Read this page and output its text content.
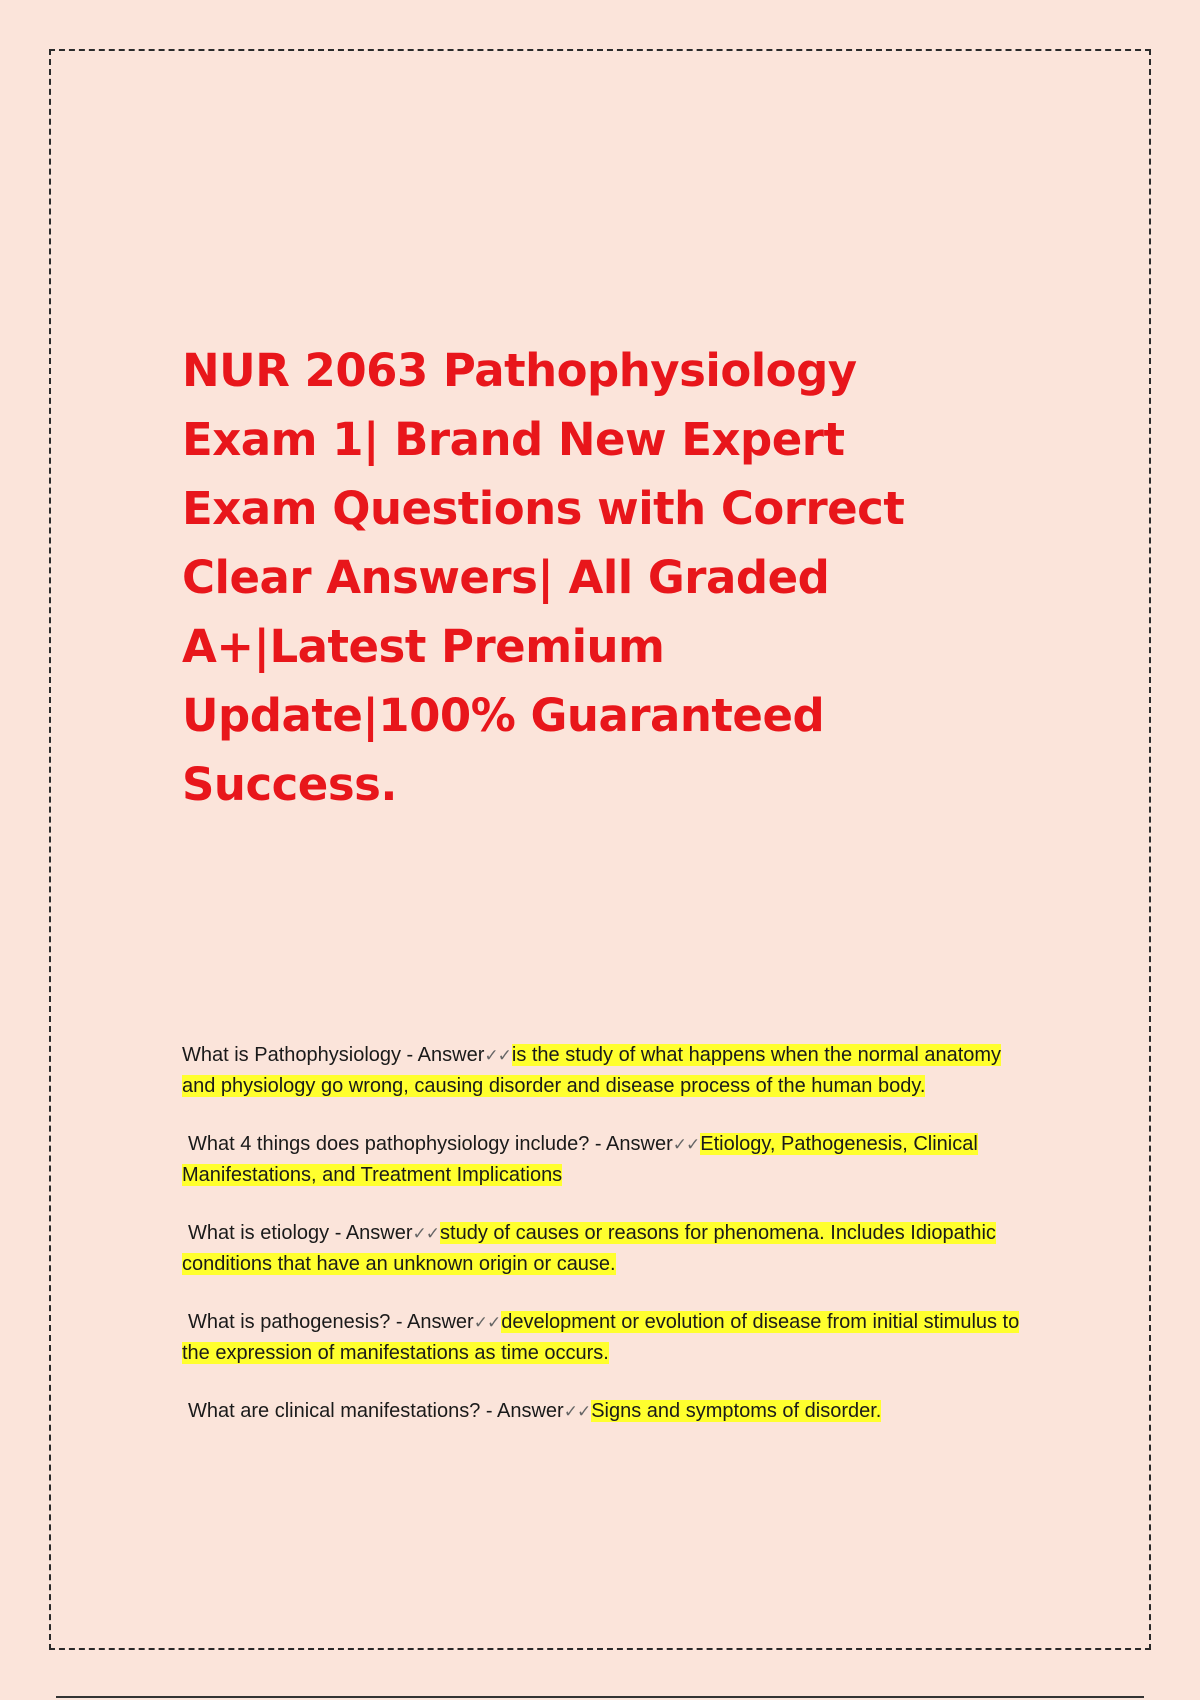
NUR 2063 Pathophysiology Exam 1| Brand New Expert Exam Questions with Correct Clear Answers| All Graded A+|Latest Premium Update|100% Guaranteed Success.
What is Pathophysiology - Answer✓✓is the study of what happens when the normal anatomy and physiology go wrong, causing disorder and disease process of the human body.
What 4 things does pathophysiology include? - Answer✓✓Etiology, Pathogenesis, Clinical Manifestations, and Treatment Implications
What is etiology - Answer✓✓study of causes or reasons for phenomena. Includes Idiopathic conditions that have an unknown origin or cause.
What is pathogenesis? - Answer✓✓development or evolution of disease from initial stimulus to the expression of manifestations as time occurs.
What are clinical manifestations? - Answer✓✓Signs and symptoms of disorder.
